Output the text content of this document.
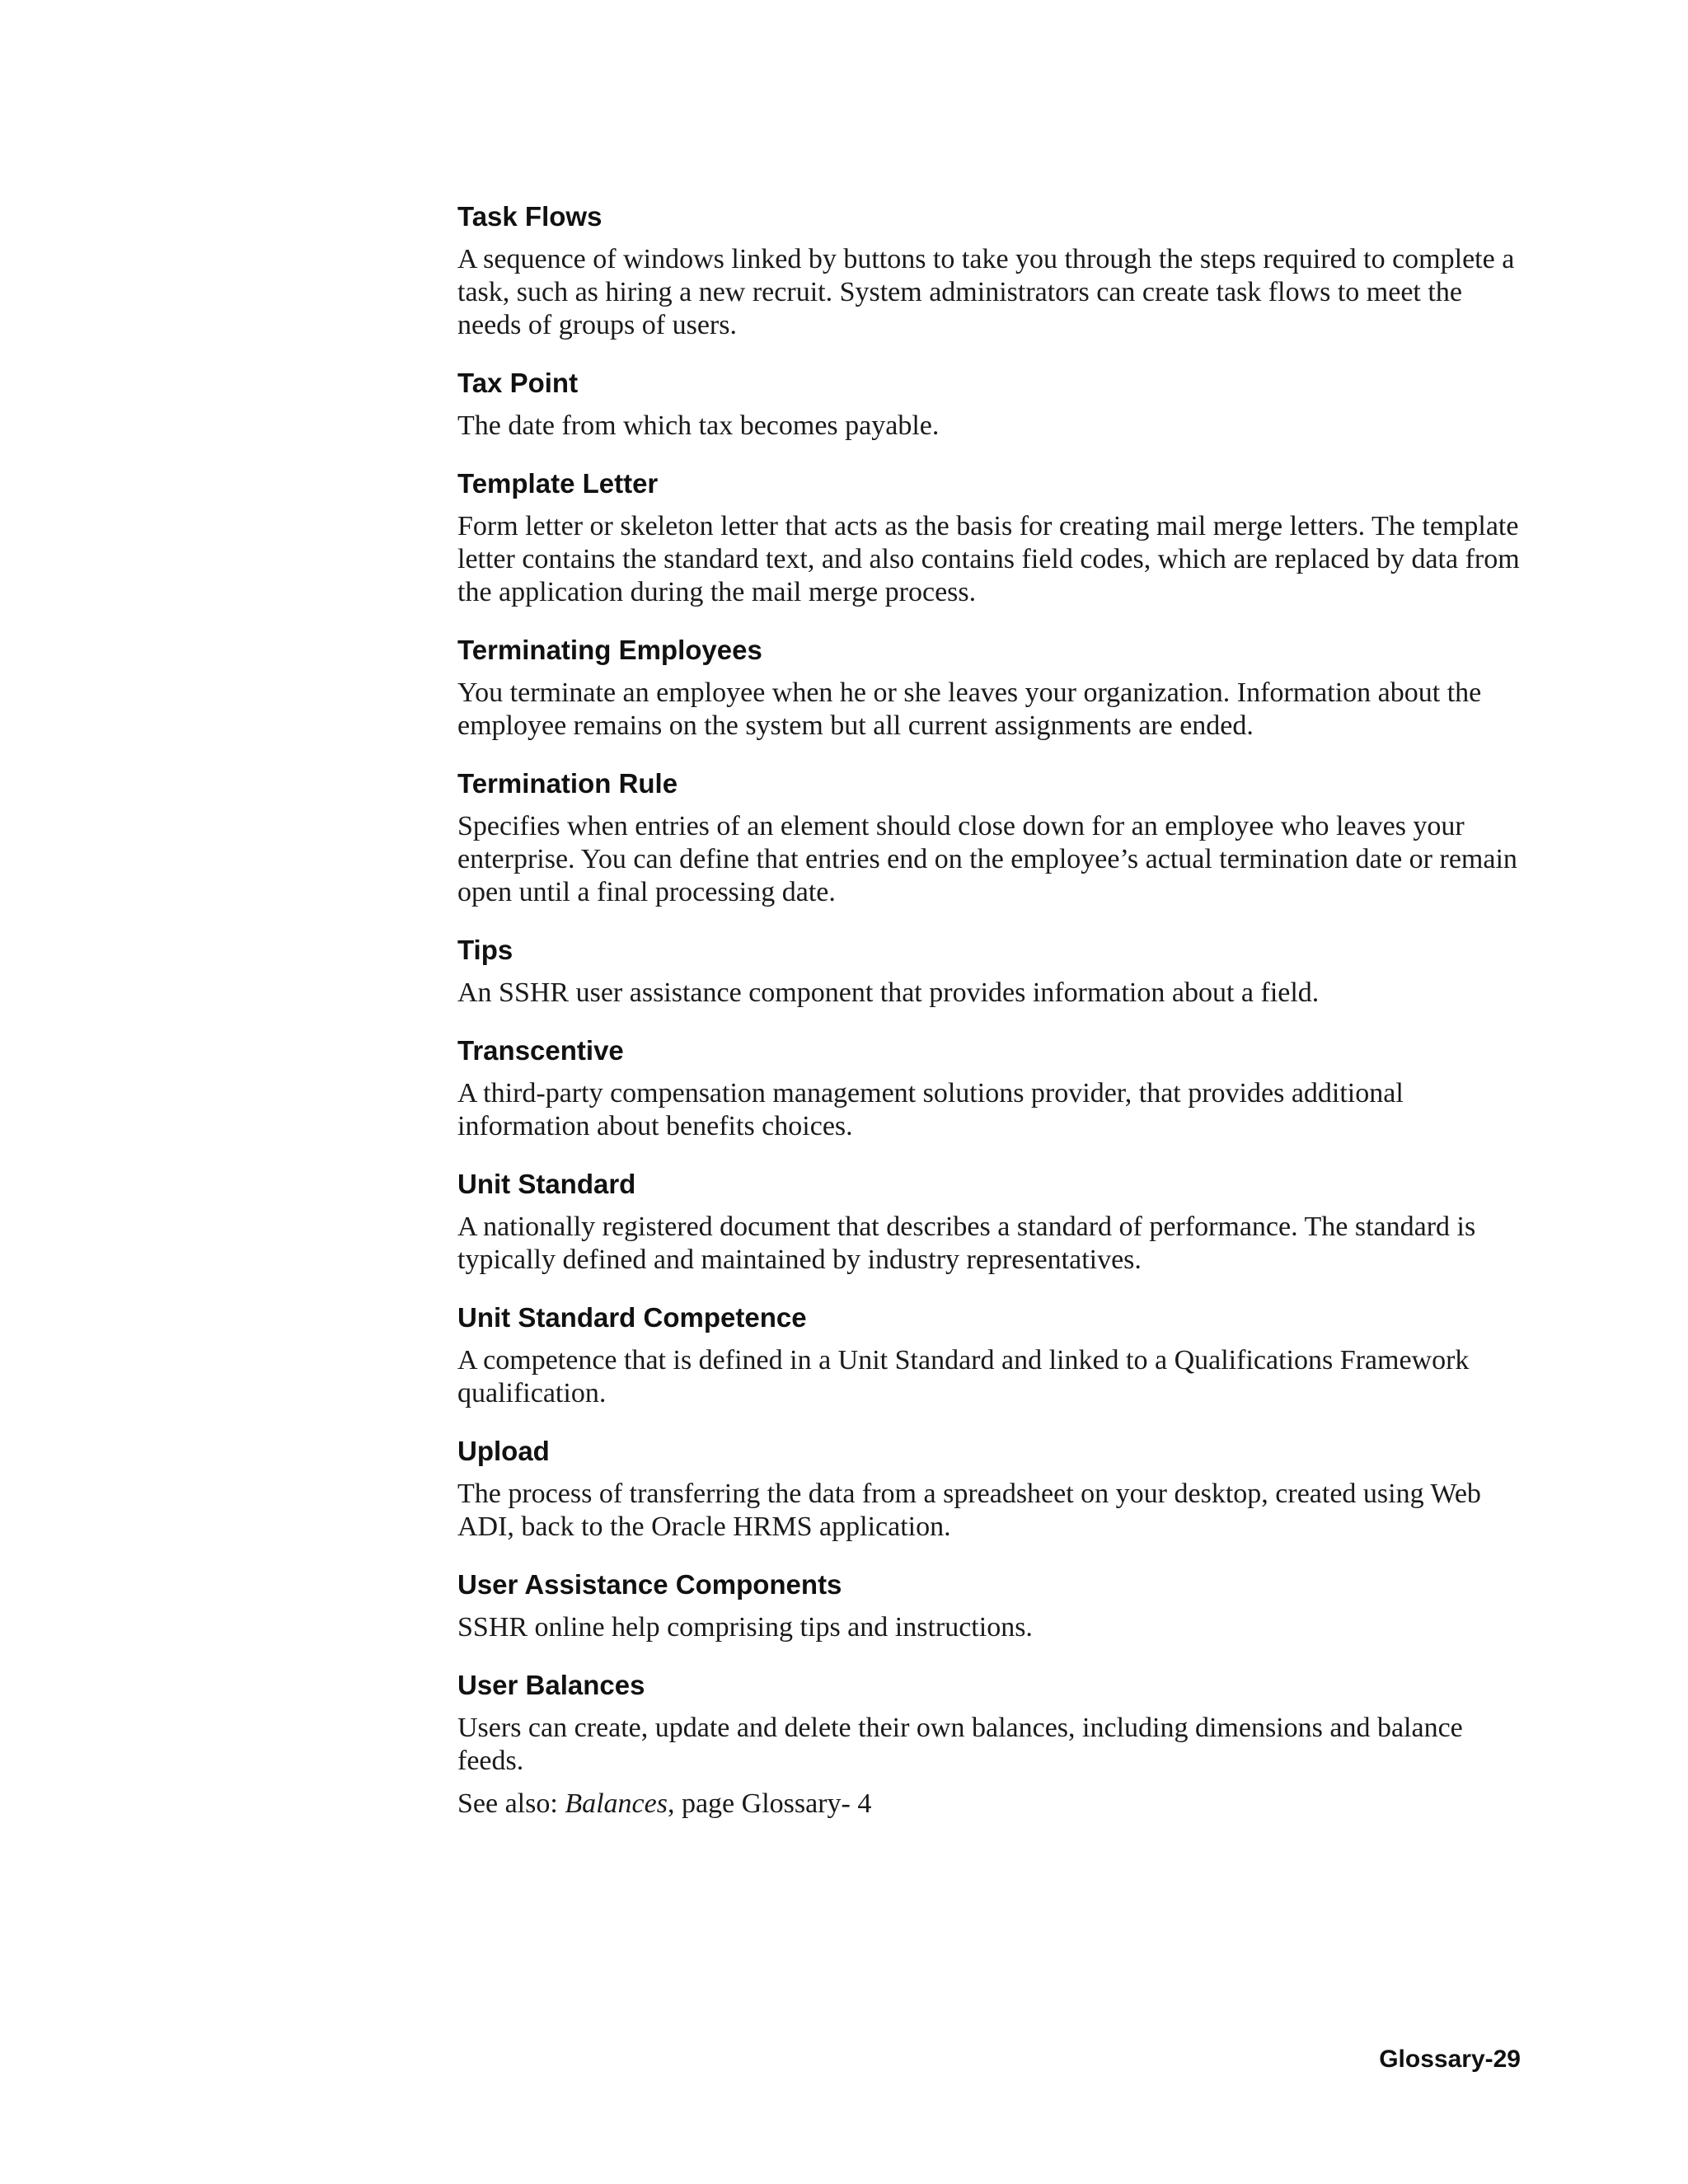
Task Flows
A sequence of windows linked by buttons to take you through the steps required to complete a task, such as hiring a new recruit. System administrators can create task flows to meet the needs of groups of users.
Tax Point
The date from which tax becomes payable.
Template Letter
Form letter or skeleton letter that acts as the basis for creating mail merge letters. The template letter contains the standard text, and also contains field codes, which are replaced by data from the application during the mail merge process.
Terminating Employees
You terminate an employee when he or she leaves your organization. Information about the employee remains on the system but all current assignments are ended.
Termination Rule
Specifies when entries of an element should close down for an employee who leaves your enterprise. You can define that entries end on the employee’s actual termination date or remain open until a final processing date.
Tips
An SSHR user assistance component that provides information about a field.
Transcentive
A third-party compensation management solutions provider, that provides additional information about benefits choices.
Unit Standard
A nationally registered document that describes a standard of performance. The standard is typically defined and maintained by industry representatives.
Unit Standard Competence
A competence that is defined in a Unit Standard and linked to a Qualifications Framework qualification.
Upload
The process of transferring the data from a spreadsheet on your desktop, created using Web ADI, back to the Oracle HRMS application.
User Assistance Components
SSHR online help comprising tips and instructions.
User Balances
Users can create, update and delete their own balances, including dimensions and balance feeds.
See also: Balances, page Glossary- 4
Glossary-29
